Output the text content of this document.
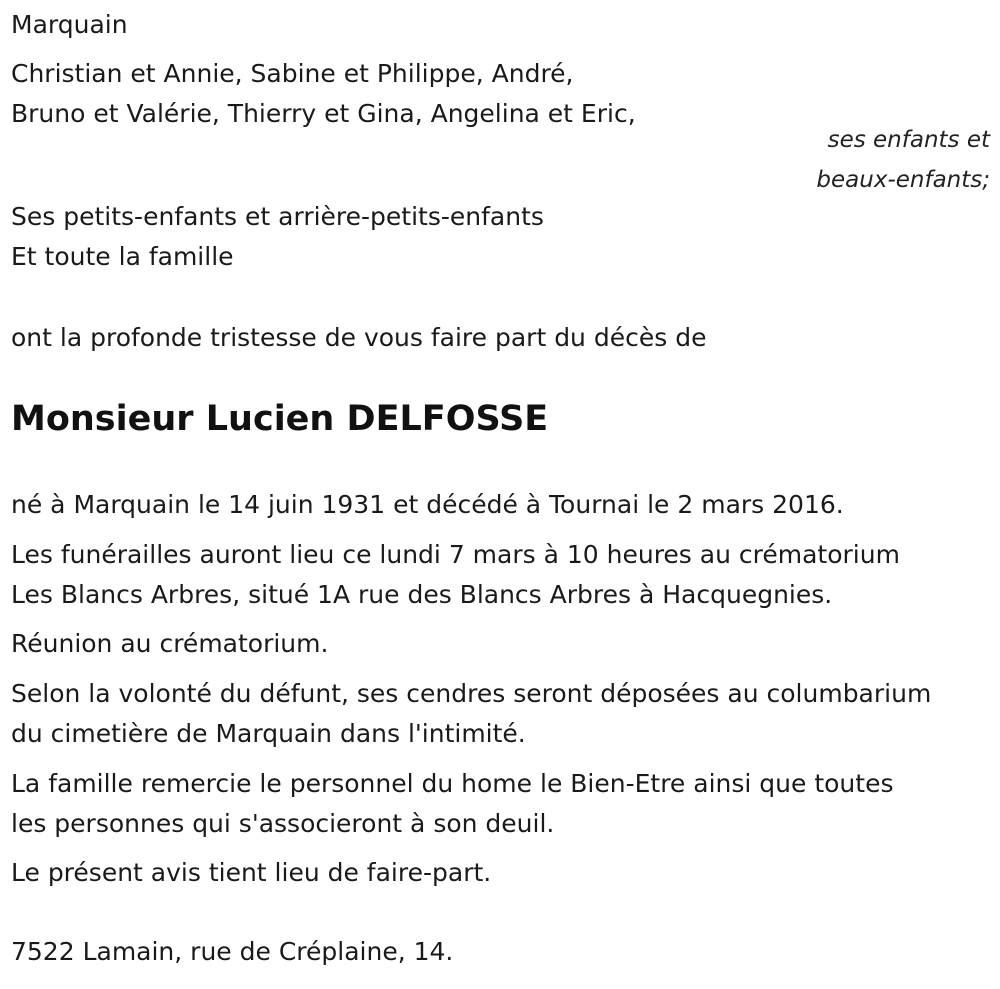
Marquain
Christian et Annie, Sabine et Philippe, André,
Bruno et Valérie, Thierry et Gina, Angelina et Eric,
ses enfants et
beaux-enfants;
Ses petits-enfants et arrière-petits-enfants
Et toute la famille
ont la profonde tristesse de vous faire part du décès de
Monsieur Lucien DELFOSSE
né à Marquain le 14 juin 1931 et décédé à Tournai le 2 mars 2016.
Les funérailles auront lieu ce lundi 7 mars à 10 heures au crématorium
Les Blancs Arbres, situé 1A rue des Blancs Arbres à Hacquegnies.
Réunion au crématorium.
Selon la volonté du défunt, ses cendres seront déposées au columbarium
du cimetière de Marquain dans l'intimité.
La famille remercie le personnel du home le Bien-Etre ainsi que toutes
les personnes qui s'associeront à son deuil.
Le présent avis tient lieu de faire-part.
7522 Lamain, rue de Créplaine, 14.
